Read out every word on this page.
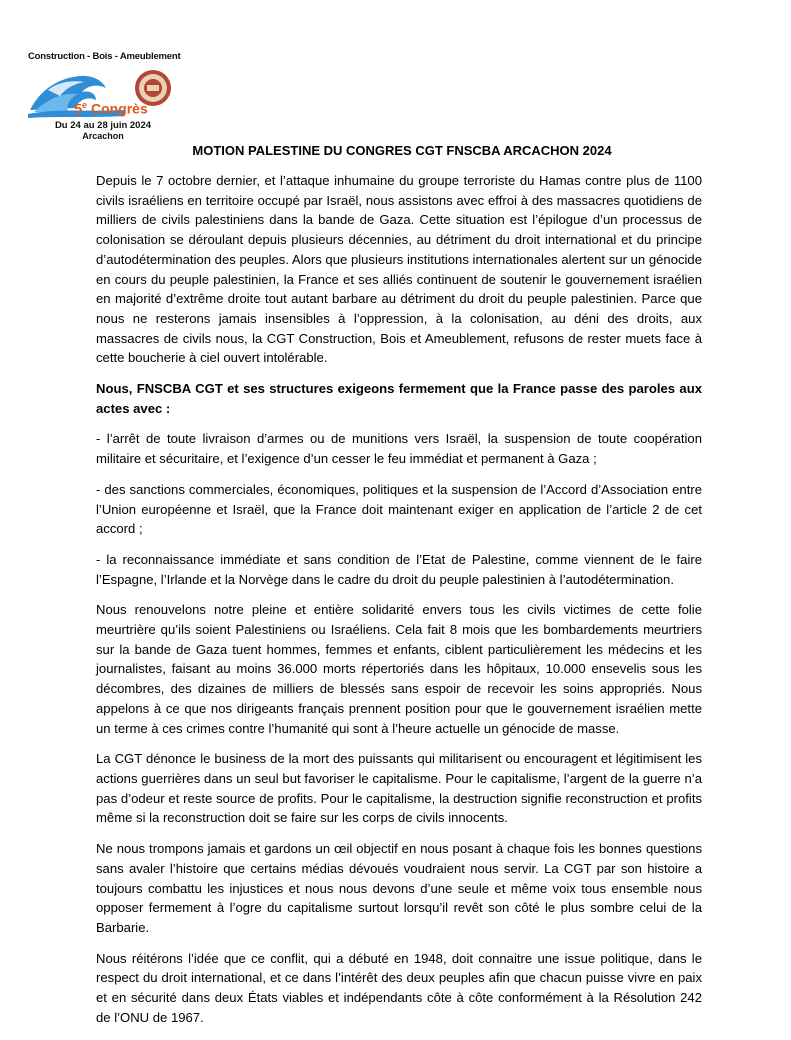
Construction - Bois - Ameublement
5e Congrès
Du 24 au 28 juin 2024
Arcachon
MOTION PALESTINE DU CONGRES CGT FNSCBA ARCACHON 2024

Depuis le 7 octobre dernier, et l’attaque inhumaine du groupe terroriste du Hamas contre plus de 1100 civils israéliens en territoire occupé par Israël, nous assistons avec effroi à des massacres quotidiens de milliers de civils palestiniens dans la bande de Gaza. Cette situation est l’épilogue d’un processus de colonisation se déroulant depuis plusieurs décennies, au détriment du droit international et du principe d’autodétermination des peuples. Alors que plusieurs institutions internationales alertent sur un génocide en cours du peuple palestinien, la France et ses alliés continuent de soutenir le gouvernement israélien en majorité d’extrême droite tout autant barbare au détriment du droit du peuple palestinien. Parce que nous ne resterons jamais insensibles à l’oppression, à la colonisation, au déni des droits, aux massacres de civils nous, la CGT Construction, Bois et Ameublement, refusons de rester muets face à cette boucherie à ciel ouvert intolérable.

Nous, FNSCBA CGT et ses structures exigeons fermement que la France passe des paroles aux actes avec :

- l’arrêt de toute livraison d’armes ou de munitions vers Israël, la suspension de toute coopération militaire et sécuritaire, et l’exigence d’un cesser le feu immédiat et permanent à Gaza ;

- des sanctions commerciales, économiques, politiques et la suspension de l’Accord d’Association entre l’Union européenne et Israël, que la France doit maintenant exiger en application de l’article 2 de cet accord ;

- la reconnaissance immédiate et sans condition de l’Etat de Palestine, comme viennent de le faire l’Espagne, l’Irlande et la Norvège dans le cadre du droit du peuple palestinien à l’autodétermination.

Nous renouvelons notre pleine et entière solidarité envers tous les civils victimes de cette folie meurtrière qu’ils soient Palestiniens ou Israéliens. Cela fait 8 mois que les bombardements meurtriers sur la bande de Gaza tuent hommes, femmes et enfants, ciblent particulièrement les médecins et les journalistes, faisant au moins 36.000 morts répertoriés dans les hôpitaux, 10.000 ensevelis sous les décombres, des dizaines de milliers de blessés sans espoir de recevoir les soins appropriés. Nous appelons à ce que nos dirigeants français prennent position pour que le gouvernement israélien mette un terme à ces crimes contre l’humanité qui sont à l’heure actuelle un génocide de masse.

La CGT dénonce le business de la mort des puissants qui militarisent ou encouragent et légitimisent les actions guerrières dans un seul but favoriser le capitalisme. Pour le capitalisme, l’argent de la guerre n’a pas d’odeur et reste source de profits. Pour le capitalisme, la destruction signifie reconstruction et profits même si la reconstruction doit se faire sur les corps de civils innocents.

Ne nous trompons jamais et gardons un œil objectif en nous posant à chaque fois les bonnes questions sans avaler l’histoire que certains médias dévoués voudraient nous servir. La CGT par son histoire a toujours combattu les injustices et nous nous devons d’une seule et même voix tous ensemble nous opposer fermement à l’ogre du capitalisme surtout lorsqu’il revêt son côté le plus sombre celui de la Barbarie.

Nous réitérons l’idée que ce conflit, qui a débuté en 1948, doit connaitre une issue politique, dans le respect du droit international, et ce dans l’intérêt des deux peuples afin que chacun puisse vivre en paix et en sécurité dans deux États viables et indépendants côte à côte conformément à la Résolution 242 de l’ONU de 1967.
